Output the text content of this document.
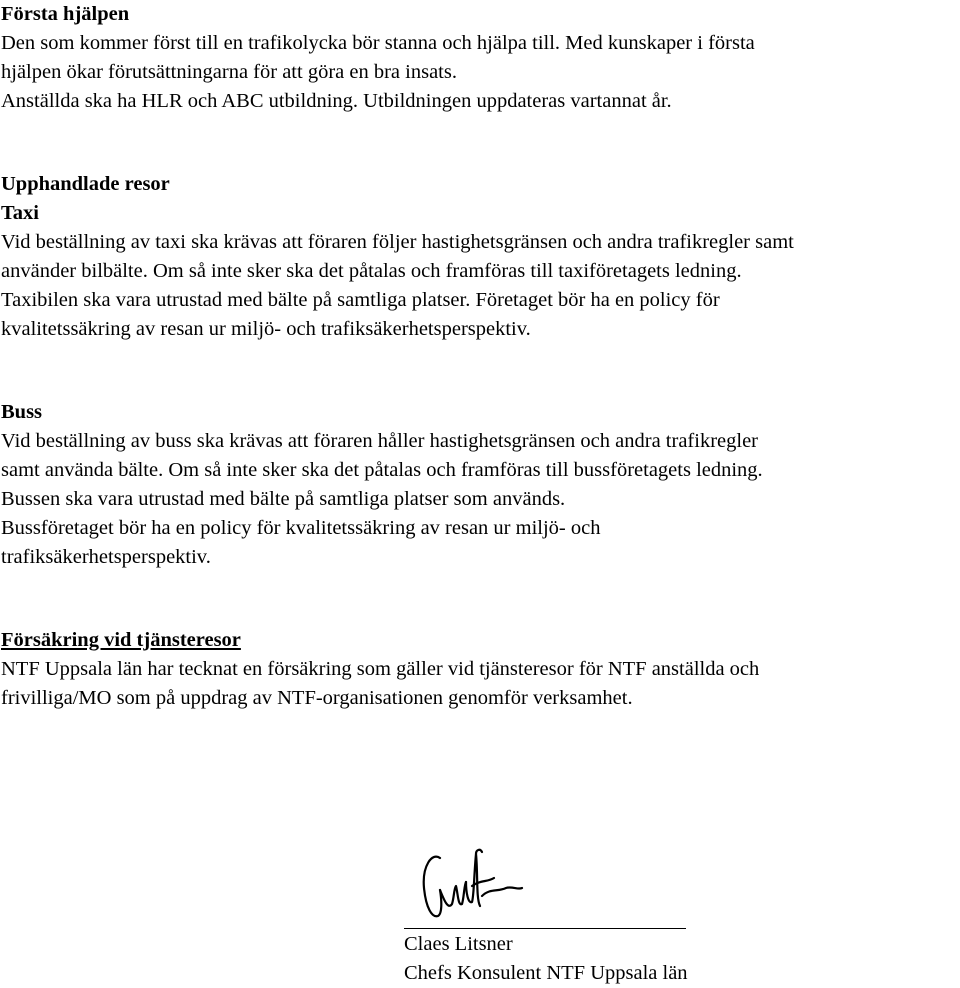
Första hjälpen
Den som kommer först till en trafikolycka bör stanna och hjälpa till. Med kunskaper i första
hjälpen ökar förutsättningarna för att göra en bra insats.
Anställda ska ha HLR och ABC utbildning. Utbildningen uppdateras vartannat år.
Upphandlade resor
Taxi
Vid beställning av taxi ska krävas att föraren följer hastighetsgränsen och andra trafikregler samt
använder bilbälte. Om så inte sker ska det påtalas och framföras till taxiföretagets ledning.
Taxibilen ska vara utrustad med bälte på samtliga platser. Företaget bör ha en policy för
kvalitetssäkring av resan ur miljö- och trafiksäkerhetsperspektiv.
Buss
Vid beställning av buss ska krävas att föraren håller hastighetsgränsen och andra trafikregler
samt använda bälte. Om så inte sker ska det påtalas och framföras till bussföretagets ledning.
Bussen ska vara utrustad med bälte på samtliga platser som används.
Bussföretaget bör ha en policy för kvalitetssäkring av resan ur miljö- och
trafiksäkerhetsperspektiv.
Försäkring vid tjänsteresor
NTF Uppsala län har tecknat en försäkring som gäller vid tjänsteresor för NTF anställda och
frivilliga/MO som på uppdrag av NTF-organisationen genomför verksamhet.
Claes Litsner
Chefs Konsulent NTF Uppsala län
